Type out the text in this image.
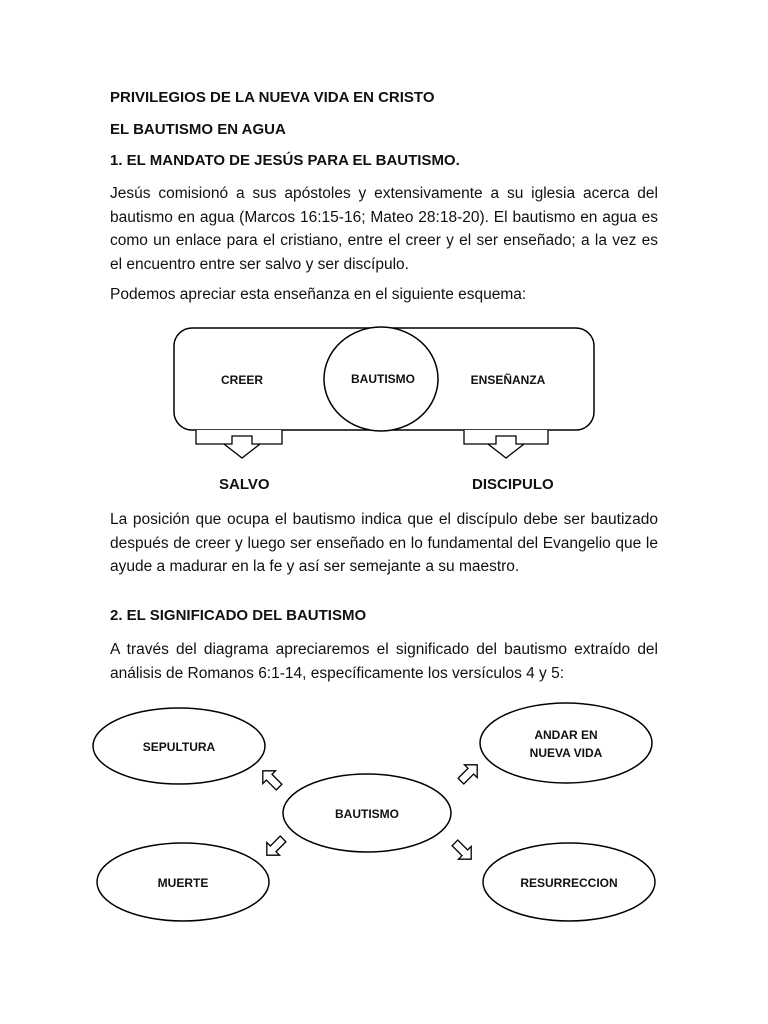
PRIVILEGIOS DE LA NUEVA VIDA EN CRISTO

EL BAUTISMO EN AGUA

1. EL MANDATO DE JESÚS PARA EL BAUTISMO.

Jesús comisionó a sus apóstoles y extensivamente a su iglesia acerca del bautismo en agua (Marcos 16:15-16; Mateo 28:18-20). El bautismo en agua es como un enlace para el cristiano, entre el creer y el ser enseñado; a la vez es el encuentro entre ser salvo y ser discípulo.

Podemos apreciar esta enseñanza en el siguiente esquema:

CREER	BAUTISMO	ENSEÑANZA
SALVO	DISCIPULO

La posición que ocupa el bautismo indica que el discípulo debe ser bautizado después de creer y luego ser enseñado en lo fundamental del Evangelio que le ayude a madurar en la fe y así ser semejante a su maestro.

2. EL SIGNIFICADO DEL BAUTISMO

A través del diagrama apreciaremos el significado del bautismo extraído del análisis de Romanos 6:1-14, específicamente los versículos 4 y 5:

SEPULTURA
ANDAR EN
NUEVA VIDA
BAUTISMO
MUERTE	RESURRECCION
